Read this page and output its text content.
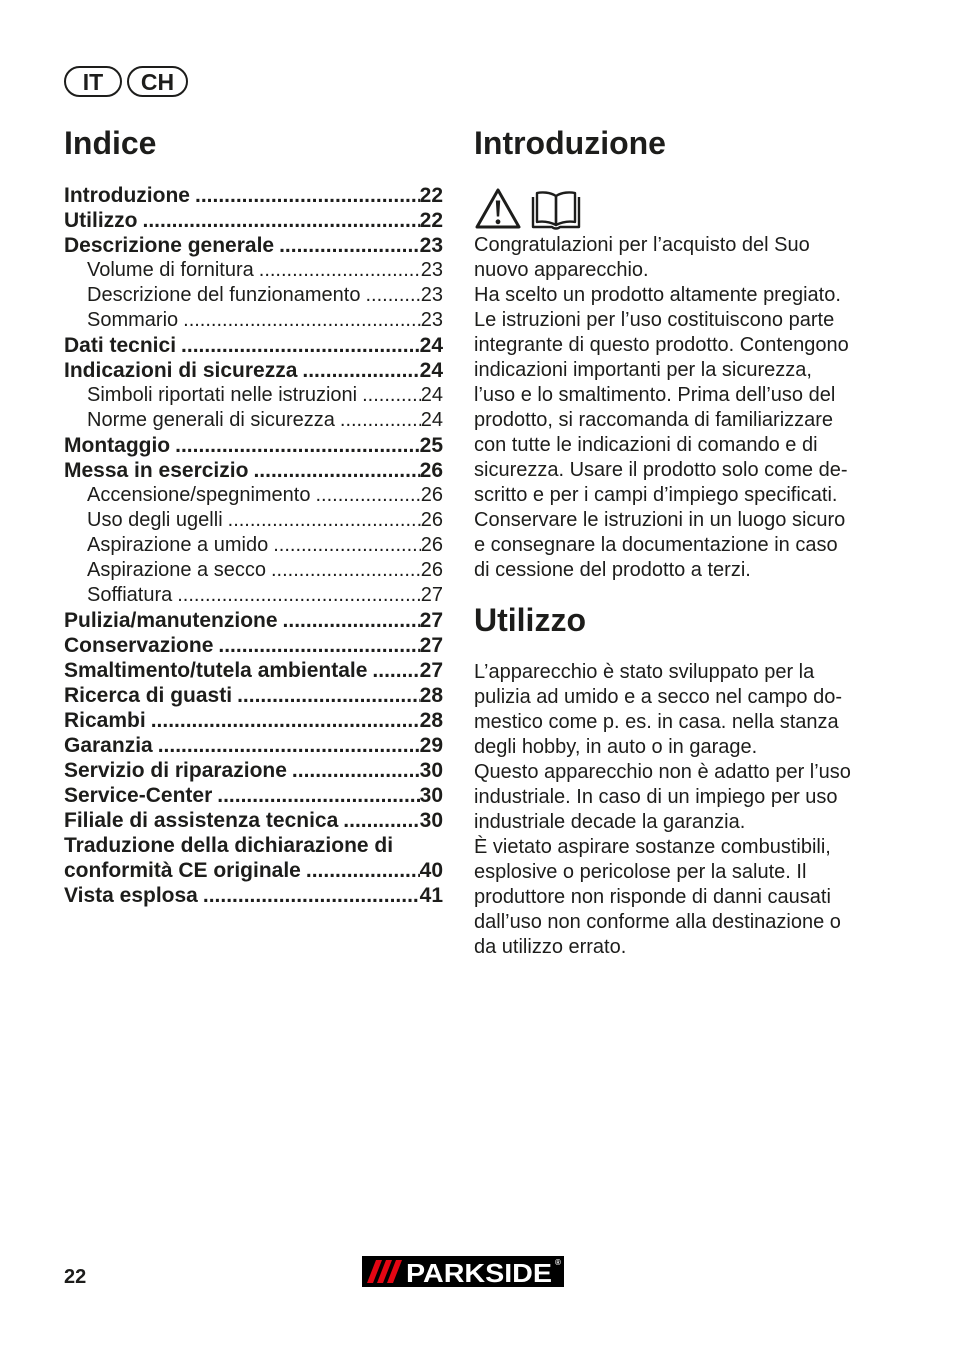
IT	CH
Indice
Introduzione .....	22
Utilizzo .....	22
Descrizione generale .....	23
Volume di fornitura .....	23
Descrizione del funzionamento .....	23
Sommario .....	23
Dati tecnici .....	24
Indicazioni di sicurezza .....	24
Simboli riportati nelle istruzioni .....	24
Norme generali di sicurezza .....	24
Montaggio .....	25
Messa in esercizio .....	26
Accensione/spegnimento .....	26
Uso degli ugelli .....	26
Aspirazione a umido .....	26
Aspirazione a secco .....	26
Soffiatura .....	27
Pulizia/manutenzione .....	27
Conservazione .....	27
Smaltimento/tutela ambientale ..... 27
Ricerca di guasti .....	28
Ricambi .....	28
Garanzia .....	29
Servizio di riparazione .....	30
Service-Center .....	30
Filiale di assistenza tecnica .....	30
Traduzione della dichiarazione di
conformità CE originale .....	40
Vista esplosa .....	41
Introduzione
Congratulazioni per l’acquisto del Suo
nuovo apparecchio.
Ha scelto un prodotto altamente pregiato.
Le istruzioni per l’uso costituiscono parte
integrante di questo prodotto. Contengono
indicazioni importanti per la sicurezza,
l’uso e lo smaltimento. Prima dell’uso del
prodotto, si raccomanda di familiarizzare
con tutte le indicazioni di comando e di
sicurezza. Usare il prodotto solo come de-
scritto e per i campi d’impiego specificati.
Conservare le istruzioni in un luogo sicuro
e consegnare la documentazione in caso
di cessione del prodotto a terzi.
Utilizzo
L’apparecchio è stato sviluppato per la
pulizia ad umido e a secco nel campo do-
mestico come p. es. in casa. nella stanza
degli hobby, in auto o in garage.
Questo apparecchio non è adatto per l’uso
industriale. In caso di un impiego per uso
industriale decade la garanzia.
È vietato aspirare sostanze combustibili,
esplosive o pericolose per la salute. Il
produttore non risponde di danni causati
dall’uso non conforme alla destinazione o
da utilizzo errato.
22	PARKSIDE ®
